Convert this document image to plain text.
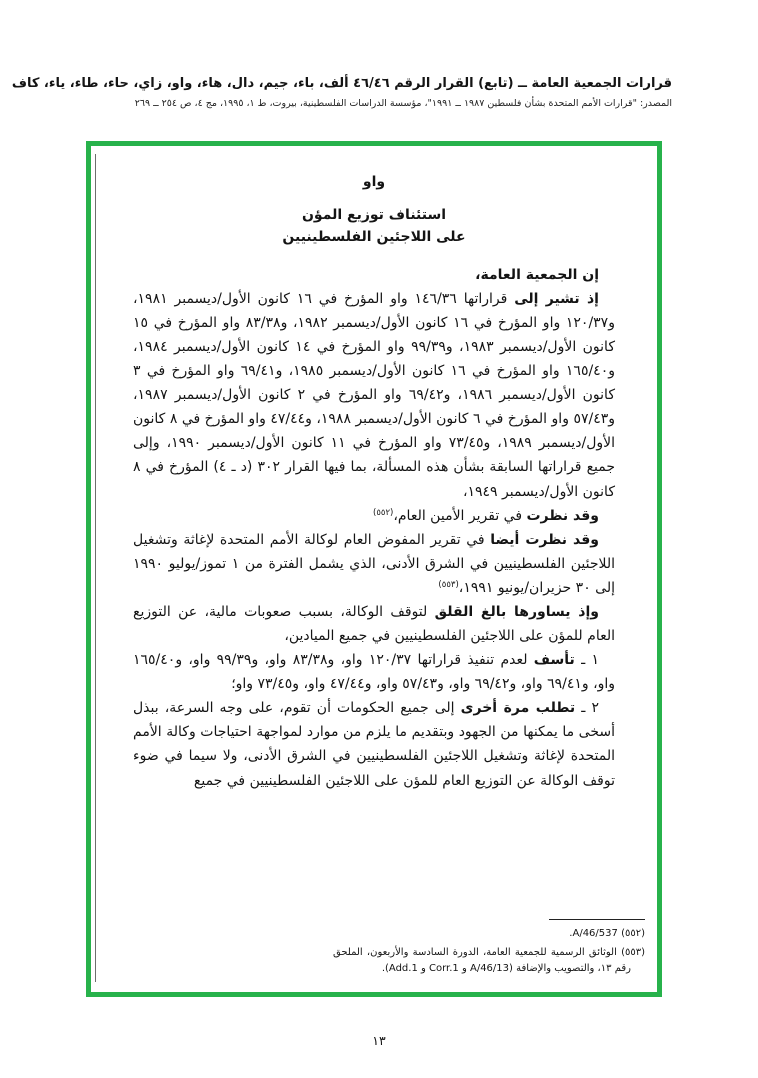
قرارات الجمعية العامة ــ (تابع) القرار الرقم ٤٦/٤٦ ألف، باء، جيم، دال، هاء، واو، زاي، حاء، طاء، ياء، كاف
المصدر: "قرارات الأمم المتحدة بشأن فلسطين ١٩٨٧ ــ ١٩٩١"، مؤسسة الدراسات الفلسطينية، بيروت، ط ١، ١٩٩٥، مج ٤، ص ٢٥٤ ــ ٢٦٩
واو
استئناف توزيع المؤن
على اللاجئين الفلسطينيين

إن الجمعية العامة،

إذ تشير إلى قراراتها ١٤٦/٣٦ واو المؤرخ في ١٦ كانون الأول/ديسمبر ١٩٨١، و١٢٠/٣٧ واو المؤرخ في ١٦ كانون الأول/ديسمبر ١٩٨٢، و٨٣/٣٨ واو المؤرخ في ١٥ كانون الأول/ديسمبر ١٩٨٣، و٩٩/٣٩ واو المؤرخ في ١٤ كانون الأول/ديسمبر ١٩٨٤، و١٦٥/٤٠ واو المؤرخ في ١٦ كانون الأول/ديسمبر ١٩٨٥، و٦٩/٤١ واو المؤرخ في ٣ كانون الأول/ديسمبر ١٩٨٦، و٦٩/٤٢ واو المؤرخ في ٢ كانون الأول/ديسمبر ١٩٨٧، و٥٧/٤٣ واو المؤرخ في ٦ كانون الأول/ديسمبر ١٩٨٨، و٤٧/٤٤ واو المؤرخ في ٨ كانون الأول/ديسمبر ١٩٨٩، و٧٣/٤٥ واو المؤرخ في ١١ كانون الأول/ديسمبر ١٩٩٠، وإلى جميع قراراتها السابقة بشأن هذه المسألة، بما فيها القرار ٣٠٢ (د ـ ٤) المؤرخ في ٨ كانون الأول/ديسمبر ١٩٤٩،

وقد نظرت في تقرير الأمين العام،$^{(٥٥٢)}$

وقد نظرت أيضا في تقرير المفوض العام لوكالة الأمم المتحدة لإغاثة وتشغيل اللاجئين الفلسطينيين في الشرق الأدنى، الذي يشمل الفترة من ١ تموز/يوليو ١٩٩٠ إلى ٣٠ حزيران/يونيو ١٩٩١،$^{(٥٥٣)}$

وإذ يساورها بالغ القلق لتوقف الوكالة، بسبب صعوبات مالية، عن التوزيع العام للمؤن على اللاجئين الفلسطينيين في جميع الميادين،

١ ـ تأسف لعدم تنفيذ قراراتها ١٢٠/٣٧ واو، و٨٣/٣٨ واو، و٩٩/٣٩ واو، و١٦٥/٤٠ واو، و٦٩/٤١ واو، و٦٩/٤٢ واو، و٥٧/٤٣ واو، و٤٧/٤٤ واو، و٧٣/٤٥ واو؛

٢ ـ تطلب مرة أخرى إلى جميع الحكومات أن تقوم، على وجه السرعة، ببذل أسخى ما يمكنها من الجهود وبتقديم ما يلزم من موارد لمواجهة احتياجات وكالة الأمم المتحدة لإغاثة وتشغيل اللاجئين الفلسطينيين في الشرق الأدنى، ولا سيما في ضوء توقف الوكالة عن التوزيع العام للمؤن على اللاجئين الفلسطينيين في جميع

(٥٥٢) A/46/537.
(٥٥٣) الوثائق الرسمية للجمعية العامة، الدورة السادسة والأربعون، الملحق رقم ١٣، والتصويب والإضافة (A/46/13 و Corr.1 و Add.1).
١٣
